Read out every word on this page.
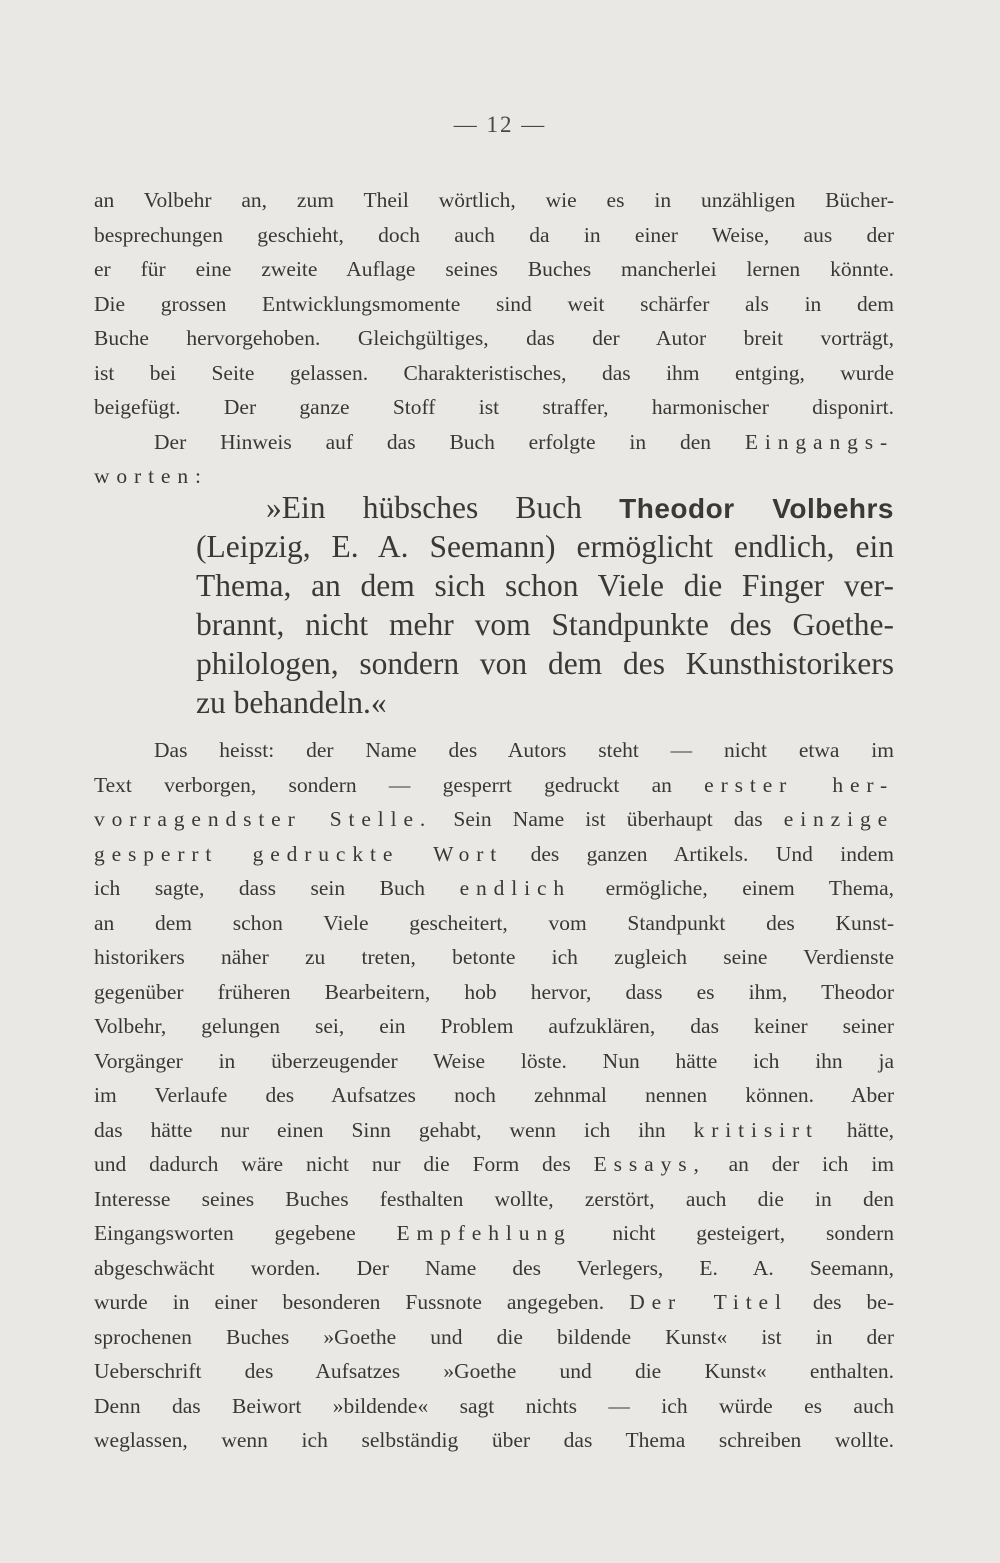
— 12 —
an Volbehr an, zum Theil wörtlich, wie es in unzähligen Bücher-
besprechungen geschieht, doch auch da in einer Weise, aus der
er für eine zweite Auflage seines Buches mancherlei lernen könnte.
Die grossen Entwicklungsmomente sind weit schärfer als in dem
Buche hervorgehoben. Gleichgültiges, das der Autor breit vorträgt,
ist bei Seite gelassen. Charakteristisches, das ihm entging, wurde
beigefügt. Der ganze Stoff ist straffer, harmonischer disponirt.
Der Hinweis auf das Buch erfolgte in den Eingangs-
worten:
»Ein hübsches Buch Theodor Volbehrs
(Leipzig, E. A. Seemann) ermöglicht endlich, ein
Thema, an dem sich schon Viele die Finger ver-
brannt, nicht mehr vom Standpunkte des Goethe-
philologen, sondern von dem des Kunsthistorikers
zu behandeln.«
Das heisst: der Name des Autors steht — nicht etwa im
Text verborgen, sondern — gesperrt gedruckt an erster her-
vorragendster Stelle. Sein Name ist überhaupt das einzige
gesperrt gedruckte Wort des ganzen Artikels. Und indem
ich sagte, dass sein Buch endlich ermögliche, einem Thema,
an dem schon Viele gescheitert, vom Standpunkt des Kunst-
historikers näher zu treten, betonte ich zugleich seine Verdienste
gegenüber früheren Bearbeitern, hob hervor, dass es ihm, Theodor
Volbehr, gelungen sei, ein Problem aufzuklären, das keiner seiner
Vorgänger in überzeugender Weise löste. Nun hätte ich ihn ja
im Verlaufe des Aufsatzes noch zehnmal nennen können. Aber
das hätte nur einen Sinn gehabt, wenn ich ihn kritisirt hätte,
und dadurch wäre nicht nur die Form des Essays, an der ich im
Interesse seines Buches festhalten wollte, zerstört, auch die in den
Eingangsworten gegebene Empfehlung nicht gesteigert, sondern
abgeschwächt worden. Der Name des Verlegers, E. A. Seemann,
wurde in einer besonderen Fussnote angegeben. Der Titel des be-
sprochenen Buches »Goethe und die bildende Kunst« ist in der
Ueberschrift des Aufsatzes »Goethe und die Kunst« enthalten.
Denn das Beiwort »bildende« sagt nichts — ich würde es auch
weglassen, wenn ich selbständig über das Thema schreiben wollte.
